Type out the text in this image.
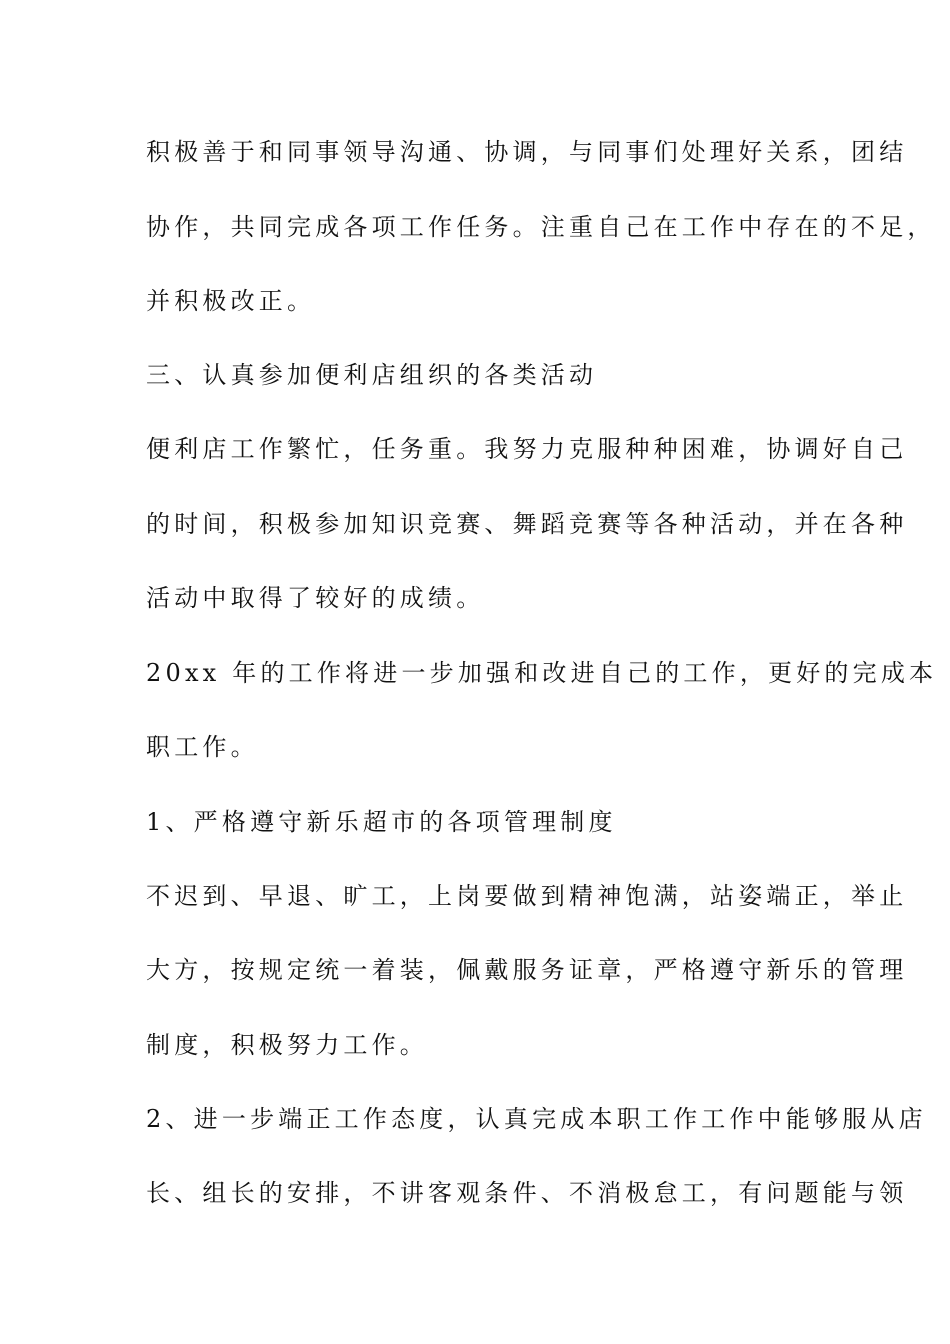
积极善于和同事领导沟通、协调，与同事们处理好关系，团结
协作，共同完成各项工作任务。注重自己在工作中存在的不足，
并积极改正。
三、认真参加便利店组织的各类活动
便利店工作繁忙，任务重。我努力克服种种困难，协调好自己
的时间，积极参加知识竞赛、舞蹈竞赛等各种活动，并在各种
活动中取得了较好的成绩。
20xx 年的工作将进一步加强和改进自己的工作，更好的完成本
职工作。
1、严格遵守新乐超市的各项管理制度
不迟到、早退、旷工，上岗要做到精神饱满，站姿端正，举止
大方，按规定统一着装，佩戴服务证章，严格遵守新乐的管理
制度，积极努力工作。
2、进一步端正工作态度，认真完成本职工作工作中能够服从店
长、组长的安排，不讲客观条件、不消极怠工，有问题能与领
